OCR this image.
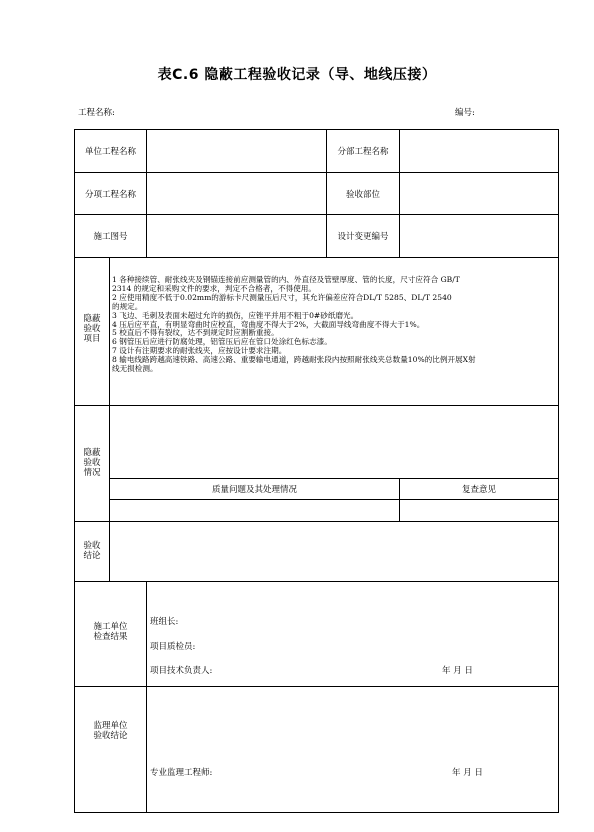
表C.6 隐蔽工程验收记录（导、地线压接）
工程名称:	编号:
单位工程名称	分部工程名称
分项工程名称	验收部位
施工图号	设计变更编号
隐蔽
验收
项目
1 各种接续管、耐张线夹及钢锚连接前应测量管的内、外直径及管壁厚度、管的长度，尺寸应符合 GB/T
2314 的规定和采购文件的要求，判定不合格者，不得使用。
2 应使用精度不低于0.02mm的游标卡尺测量压后尺寸，其允许偏差应符合DL/T 5285、DL/T 2540
的规定。
3 飞边、毛刺及表面未超过允许的损伤，应锉平并用不粗于0#砂纸磨光。
4 压后应平直，有明显弯曲时应校直，弯曲度不得大于2%，大截面导线弯曲度不得大于1%。
5 校直后不得有裂纹，达不到规定时应割断重接。
6 钢管压后应进行防腐处理，铝管压后应在管口处涂红色标志漆。
7 设计有注期要求的耐张线夹，应按设计要求注期。
8 输电线路跨越高速铁路、高速公路、重要输电通道，跨越耐张段内按照耐张线夹总数量10%的比例开展X射
线无损检测。
隐蔽
验收
情况
质量问题及其处理情况	复查意见
验收
结论
施工单位
检查结果
班组长:
项目质检员:
项目技术负责人:	年 月 日
监理单位
验收结论
专业监理工程师:	年 月 日
